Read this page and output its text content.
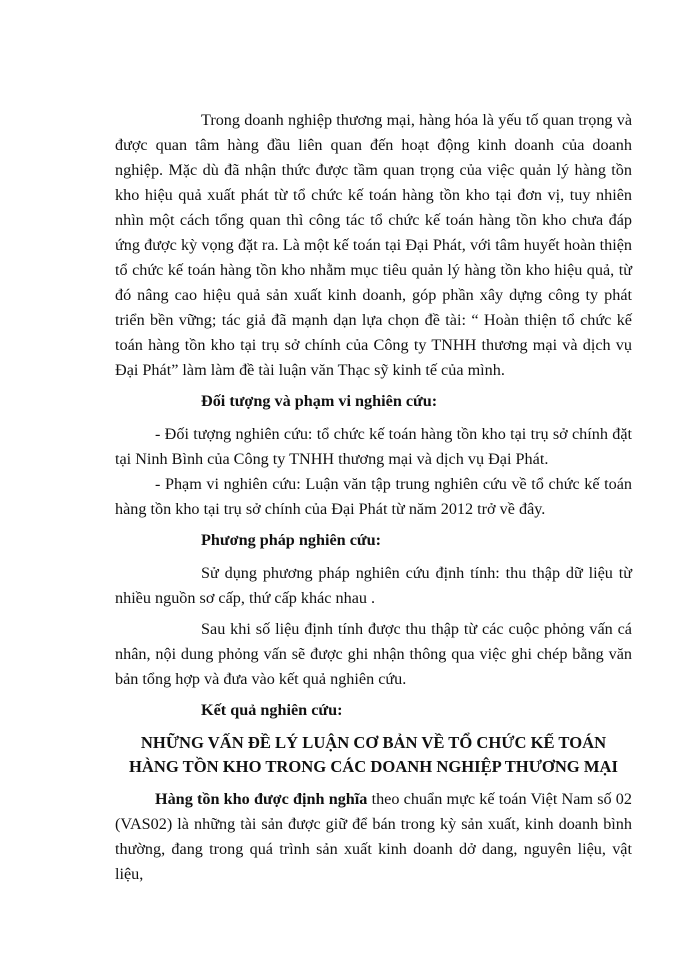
Trong doanh nghiệp thương mại, hàng hóa là yếu tố quan trọng và được quan tâm hàng đầu liên quan đến hoạt động kinh doanh của doanh nghiệp. Mặc dù đã nhận thức được tầm quan trọng của việc quản lý hàng tồn kho hiệu quả xuất phát từ tổ chức kế toán hàng tồn kho tại đơn vị, tuy nhiên nhìn một cách tổng quan thì công tác tổ chức kế toán hàng tồn kho chưa đáp ứng được kỳ vọng đặt ra. Là một kế toán tại Đại Phát, với tâm huyết hoàn thiện tổ chức kế toán hàng tồn kho nhằm mục tiêu quản lý hàng tồn kho hiệu quả, từ đó nâng cao hiệu quả sản xuất kinh doanh, góp phần xây dựng công ty phát triển bền vững; tác giả đã mạnh dạn lựa chọn đề tài: “ Hoàn thiện tổ chức kế toán hàng tồn kho tại trụ sở chính của Công ty TNHH thương mại và dịch vụ Đại Phát” làm làm đề tài luận văn Thạc sỹ kinh tế của mình.

Đối tượng và phạm vi nghiên cứu:

- Đối tượng nghiên cứu: tổ chức kế toán hàng tồn kho tại trụ sở chính đặt tại Ninh Bình của Công ty TNHH thương mại và dịch vụ Đại Phát.

- Phạm vi nghiên cứu: Luận văn tập trung nghiên cứu về tổ chức kế toán hàng tồn kho tại trụ sở chính của Đại Phát từ năm 2012 trở về đây.

Phương pháp nghiên cứu:

Sử dụng phương pháp nghiên cứu định tính: thu thập dữ liệu từ nhiều nguồn sơ cấp, thứ cấp khác nhau .

Sau khi số liệu định tính được thu thập từ các cuộc phỏng vấn cá nhân, nội dung phỏng vấn sẽ được ghi nhận thông qua việc ghi chép bằng văn bản tổng hợp và đưa vào kết quả nghiên cứu.

Kết quả nghiên cứu:
NHỮNG VẤN ĐỀ LÝ LUẬN CƠ BẢN VỀ TỔ CHỨC KẾ TOÁN
HÀNG TỒN KHO TRONG CÁC DOANH NGHIỆP THƯƠNG MẠI

Hàng tồn kho được định nghĩa theo chuẩn mực kế toán Việt Nam số 02 (VAS02) là những tài sản được giữ để bán trong kỳ sản xuất, kinh doanh bình thường, đang trong quá trình sản xuất kinh doanh dở dang, nguyên liệu, vật liệu,
